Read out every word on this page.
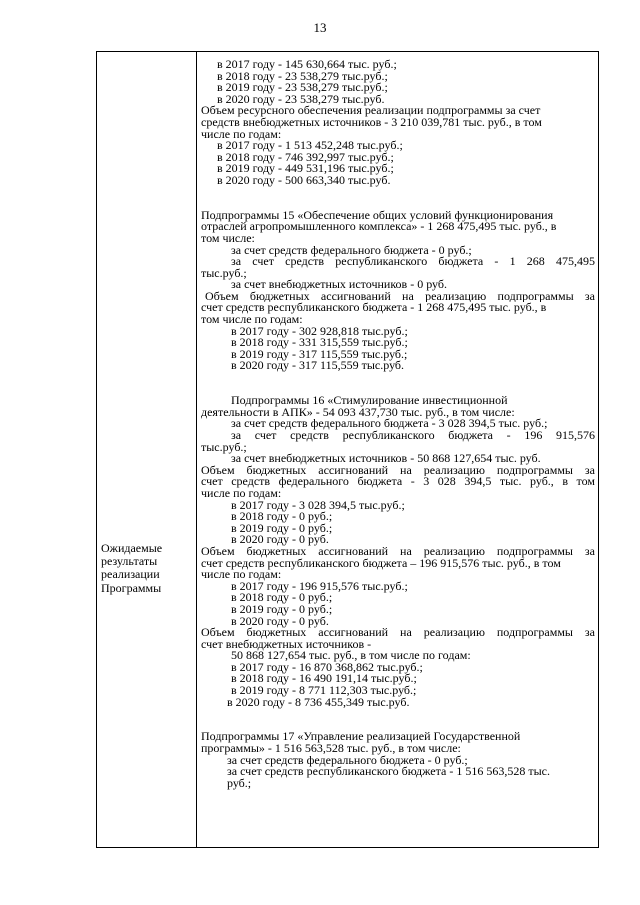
13
Ожидаемые
результаты
реализации
Программы
в 2017 году - 145 630,664 тыс. руб.;
в 2018 году - 23 538,279 тыс.руб.;
в 2019 году - 23 538,279 тыс.руб.;
в 2020 году - 23 538,279 тыс.руб.
Объем ресурсного обеспечения реализации подпрограммы за счет
средств внебюджетных источников - 3 210 039,781 тыс. руб., в том
числе по годам:
в 2017 году - 1 513 452,248 тыс.руб.;
в 2018 году - 746 392,997 тыс.руб.;
в 2019 году - 449 531,196 тыс.руб.;
в 2020 году - 500 663,340 тыс.руб.
Подпрограммы 15 «Обеспечение общих условий функционирования
отраслей агропромышленного комплекса» - 1 268 475,495 тыс. руб., в
том числе:
за счет средств федерального бюджета - 0 руб.;
за счет средств республиканского бюджета - 1 268 475,495
тыс.руб.;
за счет внебюджетных источников - 0 руб.
Объем бюджетных ассигнований на реализацию подпрограммы за
счет средств республиканского бюджета - 1 268 475,495 тыс. руб., в
том числе по годам:
в 2017 году - 302 928,818 тыс.руб.;
в 2018 году - 331 315,559 тыс.руб.;
в 2019 году - 317 115,559 тыс.руб.;
в 2020 году - 317 115,559 тыс.руб.
Подпрограммы 16 «Стимулирование инвестиционной
деятельности в АПК» - 54 093 437,730 тыс. руб., в том числе:
за счет средств федерального бюджета - 3 028 394,5 тыс. руб.;
за счет средств республиканского бюджета - 196 915,576
тыс.руб.;
за счет внебюджетных источников - 50 868 127,654 тыс. руб.
Объем бюджетных ассигнований на реализацию подпрограммы за
счет средств федерального бюджета - 3 028 394,5 тыс. руб., в том
числе по годам:
в 2017 году - 3 028 394,5 тыс.руб.;
в 2018 году - 0 руб.;
в 2019 году - 0 руб.;
в 2020 году - 0 руб.
Объем бюджетных ассигнований на реализацию подпрограммы за
счет средств республиканского бюджета – 196 915,576 тыс. руб., в том
числе по годам:
в 2017 году - 196 915,576 тыс.руб.;
в 2018 году - 0 руб.;
в 2019 году - 0 руб.;
в 2020 году - 0 руб.
Объем бюджетных ассигнований на реализацию подпрограммы за
счет внебюджетных источников -
50 868 127,654 тыс. руб., в том числе по годам:
в 2017 году - 16 870 368,862 тыс.руб.;
в 2018 году - 16 490 191,14 тыс.руб.;
в 2019 году - 8 771 112,303 тыс.руб.;
в 2020 году - 8 736 455,349 тыс.руб.
Подпрограммы 17 «Управление реализацией Государственной
программы» - 1 516 563,528 тыс. руб., в том числе:
за счет средств федерального бюджета - 0 руб.;
за счет средств республиканского бюджета - 1 516 563,528 тыс.
руб.;
